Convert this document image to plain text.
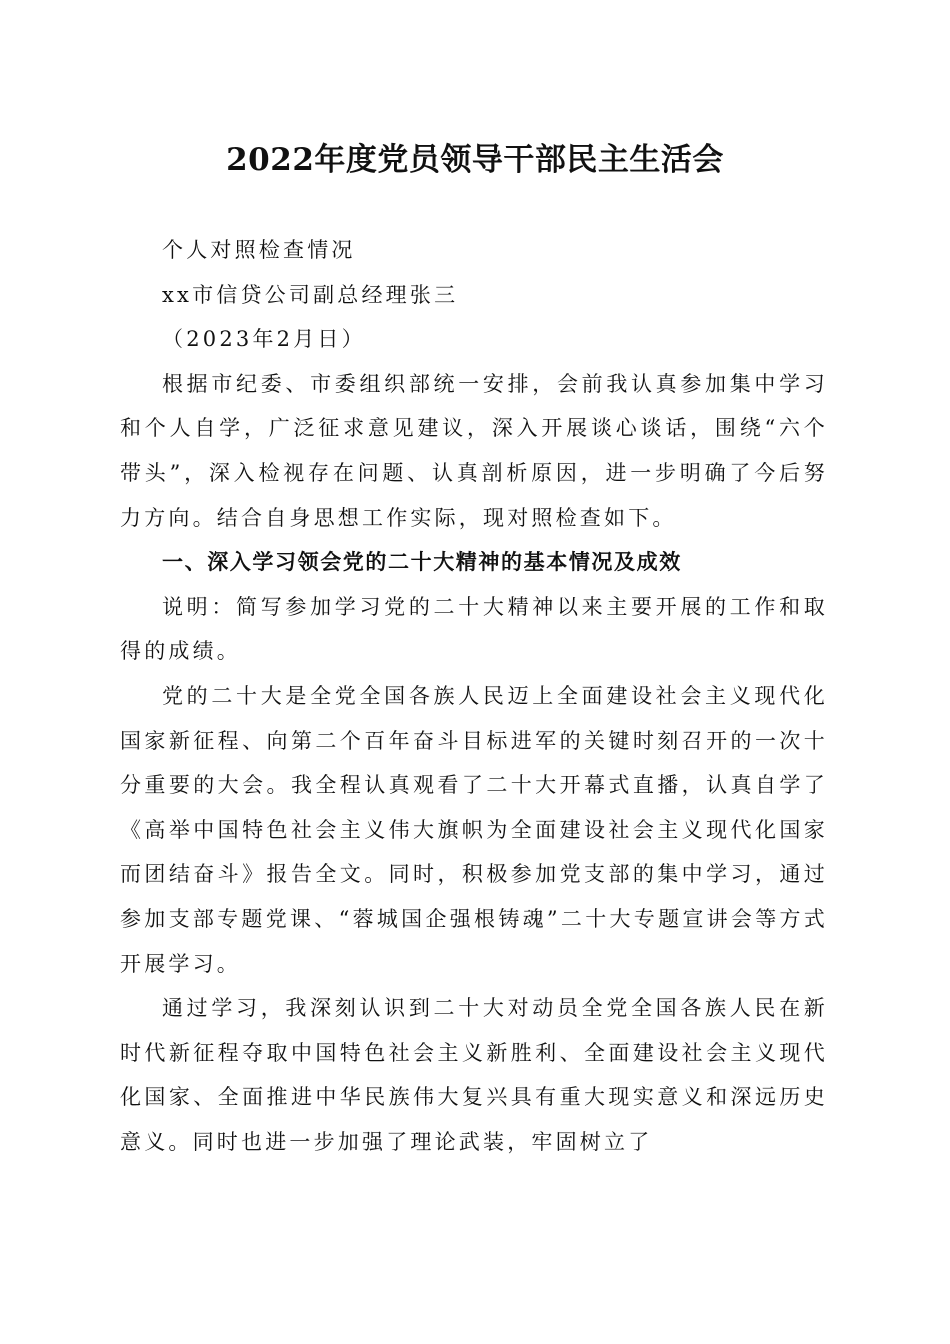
2022年度党员领导干部民主生活会

个人对照检查情况

xx市信贷公司副总经理张三

（2023年2月日）

根据市纪委、市委组织部统一安排，会前我认真参加集中学习和个人自学，广泛征求意见建议，深入开展谈心谈话，围绕“六个带头”，深入检视存在问题、认真剖析原因，进一步明确了今后努力方向。结合自身思想工作实际，现对照检查如下。

一、深入学习领会党的二十大精神的基本情况及成效

说明：简写参加学习党的二十大精神以来主要开展的工作和取得的成绩。

党的二十大是全党全国各族人民迈上全面建设社会主义现代化国家新征程、向第二个百年奋斗目标进军的关键时刻召开的一次十分重要的大会。我全程认真观看了二十大开幕式直播，认真自学了《高举中国特色社会主义伟大旗帜为全面建设社会主义现代化国家而团结奋斗》报告全文。同时，积极参加党支部的集中学习，通过参加支部专题党课、“蓉城国企强根铸魂”二十大专题宣讲会等方式开展学习。

通过学习，我深刻认识到二十大对动员全党全国各族人民在新时代新征程夺取中国特色社会主义新胜利、全面建设社会主义现代化国家、全面推进中华民族伟大复兴具有重大现实意义和深远历史意义。同时也进一步加强了理论武装，牢固树立了
